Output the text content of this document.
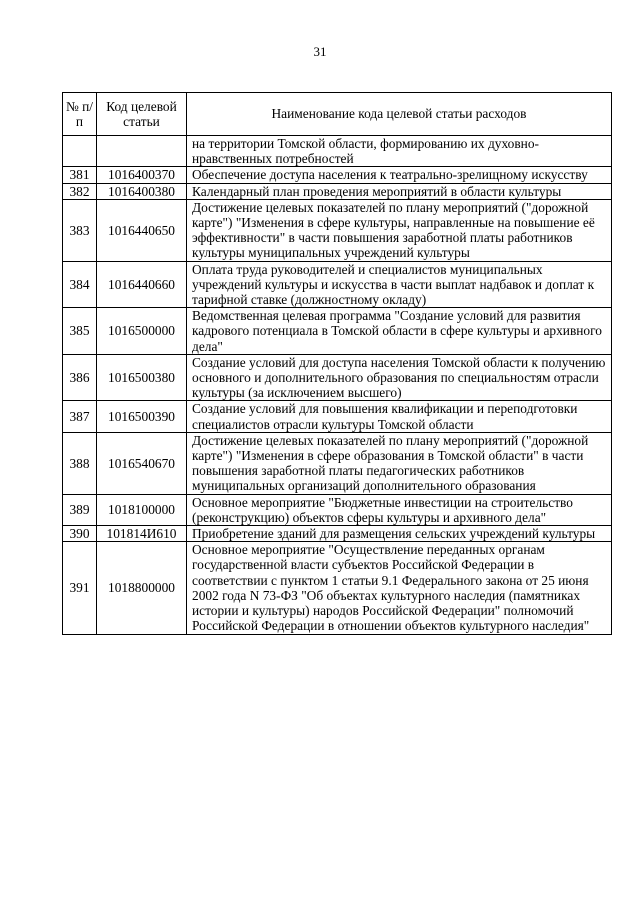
31
№ п/п	Код целевой статьи	Наименование кода целевой статьи расходов
		на территории Томской области, формированию их духовно-нравственных потребностей
381	1016400370	Обеспечение доступа населения к театрально-зрелищному искусству
382	1016400380	Календарный план проведения мероприятий в области культуры
383	1016440650	Достижение целевых показателей по плану мероприятий ("дорожной карте") "Изменения в сфере культуры, направленные на повышение её эффективности" в части повышения заработной платы работников культуры муниципальных учреждений культуры
384	1016440660	Оплата труда руководителей и специалистов муниципальных учреждений культуры и искусства в части выплат надбавок и доплат к тарифной ставке (должностному окладу)
385	1016500000	Ведомственная целевая программа "Создание условий для развития кадрового потенциала в Томской области в сфере культуры и архивного дела"
386	1016500380	Создание условий для доступа населения Томской области к получению основного и дополнительного образования по специальностям отрасли культуры (за исключением высшего)
387	1016500390	Создание условий для повышения квалификации и переподготовки специалистов отрасли культуры Томской области
388	1016540670	Достижение целевых показателей по плану мероприятий ("дорожной карте") "Изменения в сфере образования в Томской области" в части повышения заработной платы педагогических работников муниципальных организаций дополнительного образования
389	1018100000	Основное мероприятие "Бюджетные инвестиции на строительство (реконструкцию) объектов сферы культуры и архивного дела"
390	101814И610	Приобретение зданий для размещения сельских учреждений культуры
391	1018800000	Основное мероприятие "Осуществление переданных органам государственной власти субъектов Российской Федерации в соответствии с пунктом 1 статьи 9.1 Федерального закона от 25 июня 2002 года N 73-ФЗ "Об объектах культурного наследия (памятниках истории и культуры) народов Российской Федерации" полномочий Российской Федерации в отношении объектов культурного наследия"
